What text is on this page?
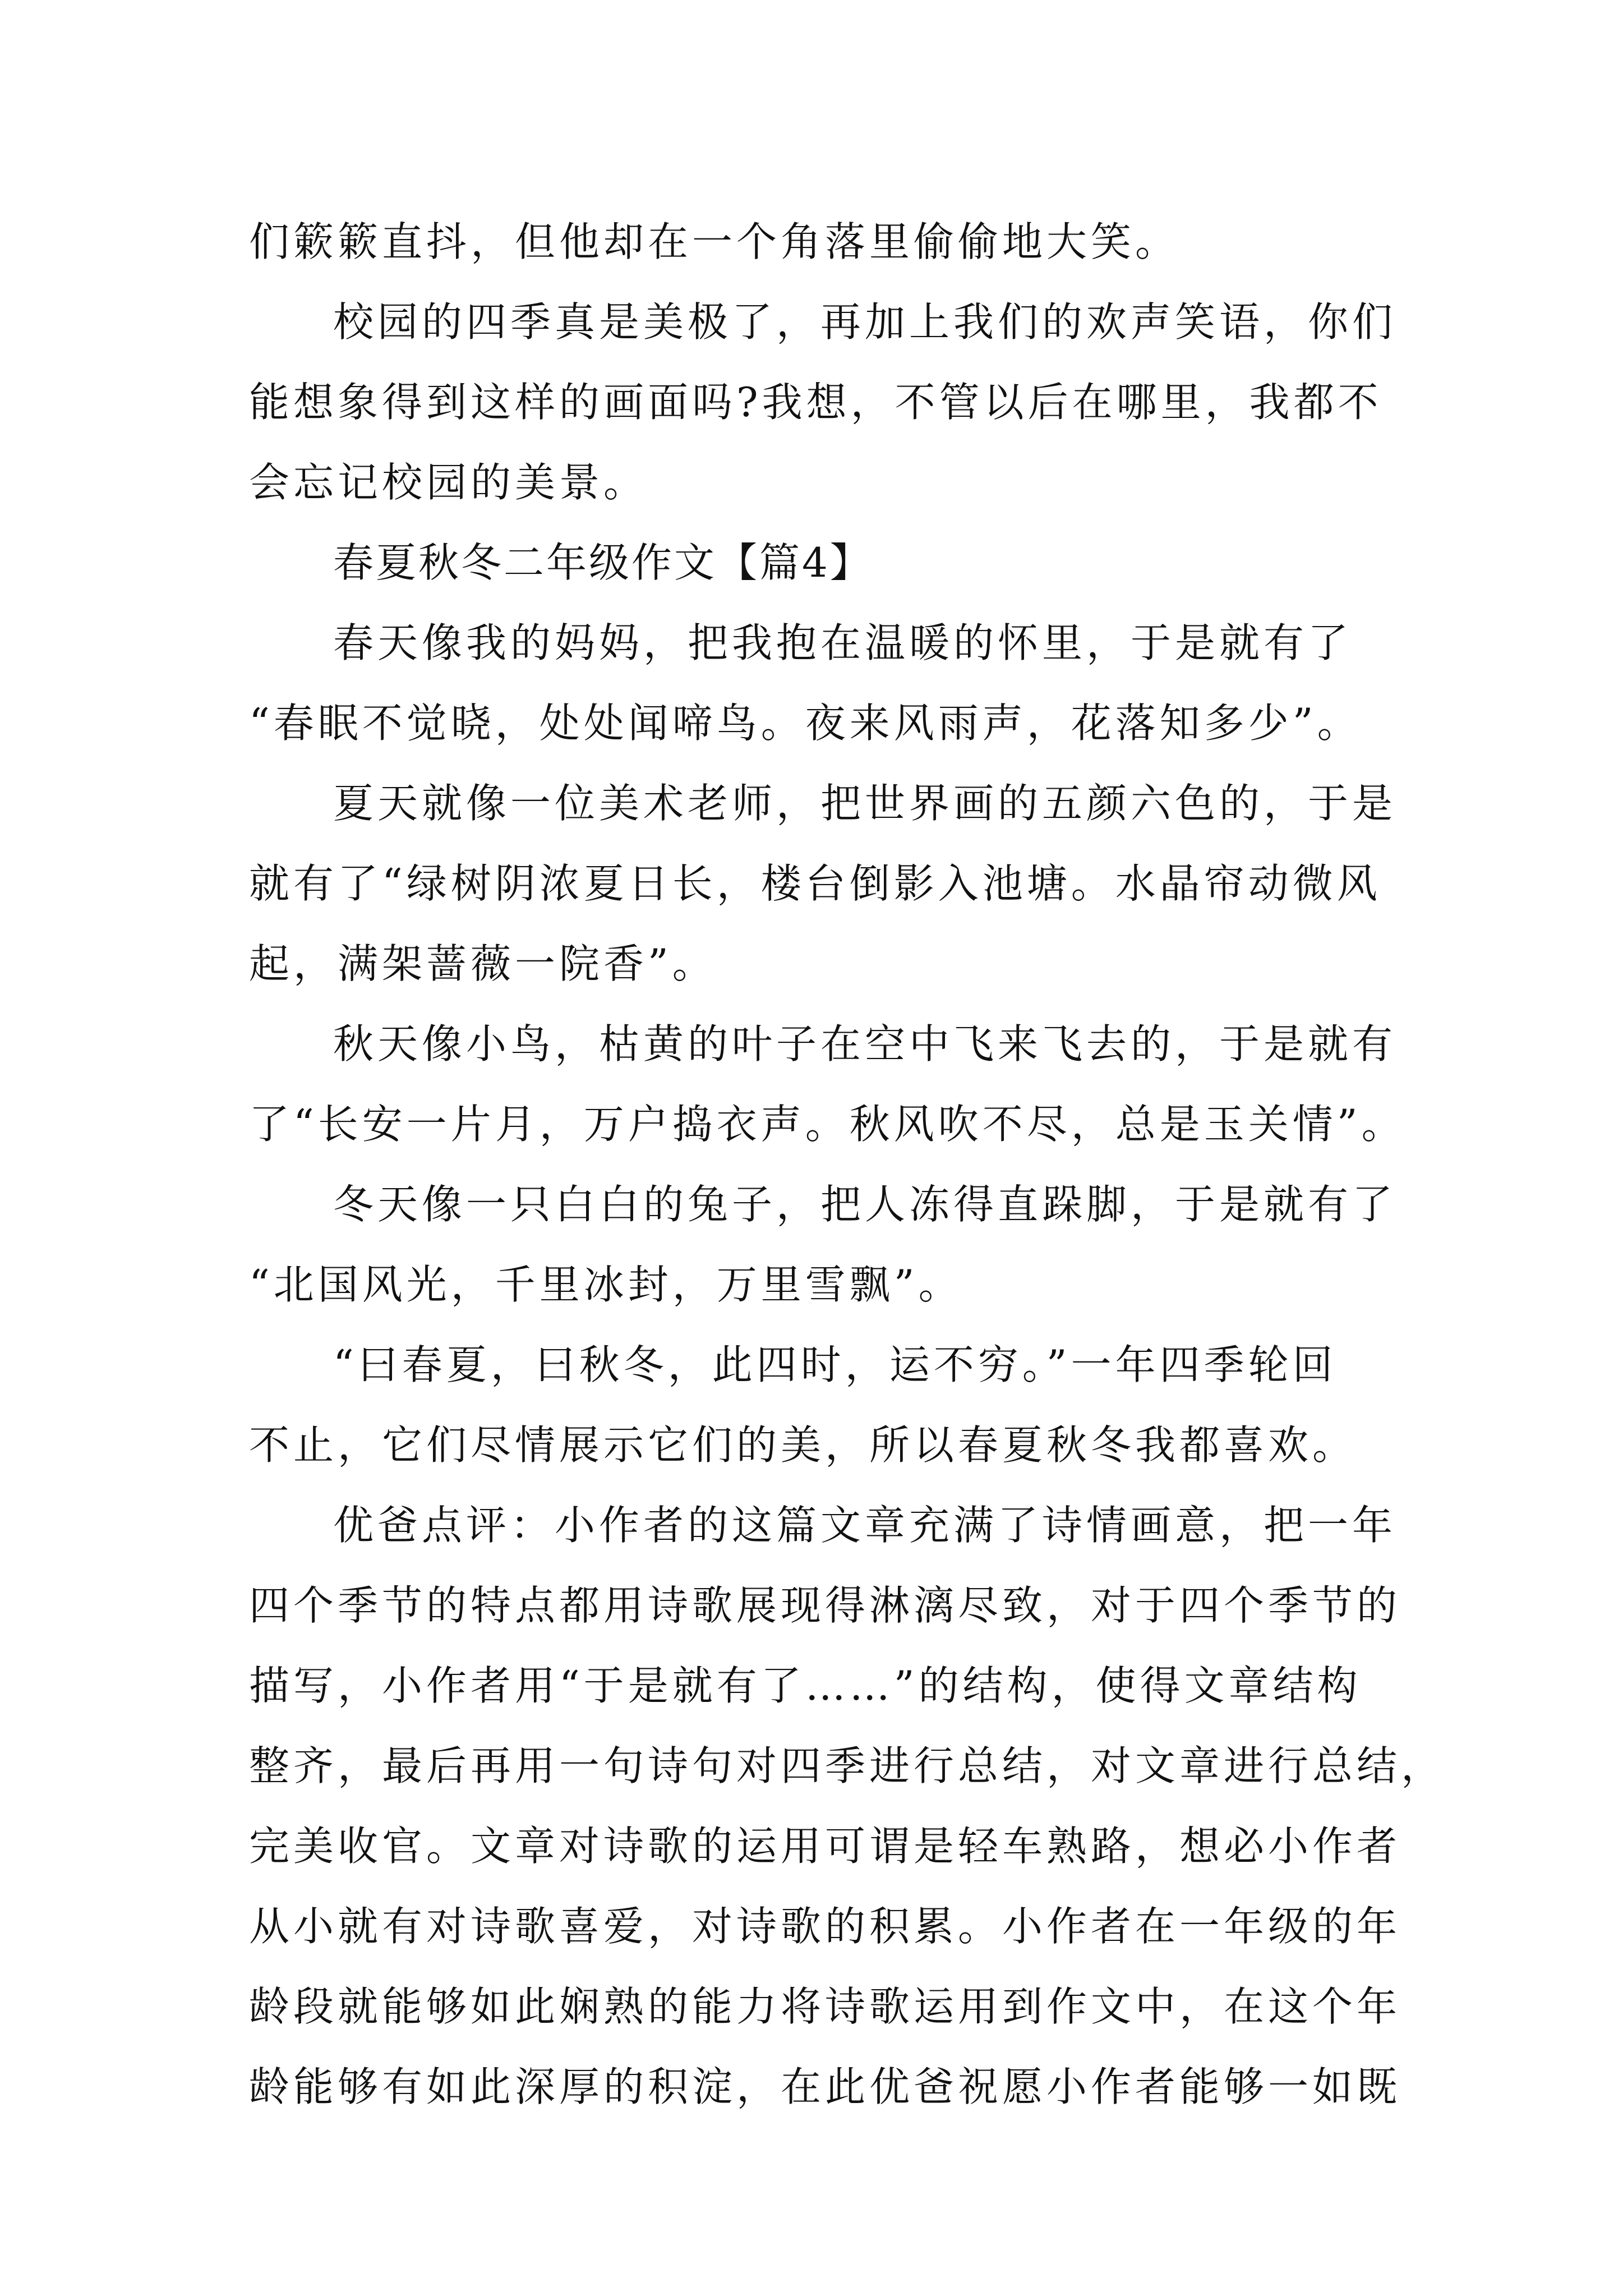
们簌簌直抖，但他却在一个角落里偷偷地大笑。
校园的四季真是美极了，再加上我们的欢声笑语，你们
能想象得到这样的画面吗?我想，不管以后在哪里，我都不
会忘记校园的美景。
春夏秋冬二年级作文【篇4】
春天像我的妈妈，把我抱在温暖的怀里，于是就有了
“春眠不觉晓，处处闻啼鸟。夜来风雨声，花落知多少”。
夏天就像一位美术老师，把世界画的五颜六色的，于是
就有了“绿树阴浓夏日长，楼台倒影入池塘。水晶帘动微风
起，满架蔷薇一院香”。
秋天像小鸟，枯黄的叶子在空中飞来飞去的，于是就有
了“长安一片月，万户捣衣声。秋风吹不尽，总是玉关情”。
冬天像一只白白的兔子，把人冻得直跺脚，于是就有了
“北国风光，千里冰封，万里雪飘”。
“曰春夏，曰秋冬，此四时，运不穷。”一年四季轮回
不止，它们尽情展示它们的美，所以春夏秋冬我都喜欢。
优爸点评：小作者的这篇文章充满了诗情画意，把一年
四个季节的特点都用诗歌展现得淋漓尽致，对于四个季节的
描写，小作者用“于是就有了……”的结构，使得文章结构
整齐，最后再用一句诗句对四季进行总结，对文章进行总结，
完美收官。文章对诗歌的运用可谓是轻车熟路，想必小作者
从小就有对诗歌喜爱，对诗歌的积累。小作者在一年级的年
龄段就能够如此娴熟的能力将诗歌运用到作文中，在这个年
龄能够有如此深厚的积淀，在此优爸祝愿小作者能够一如既
